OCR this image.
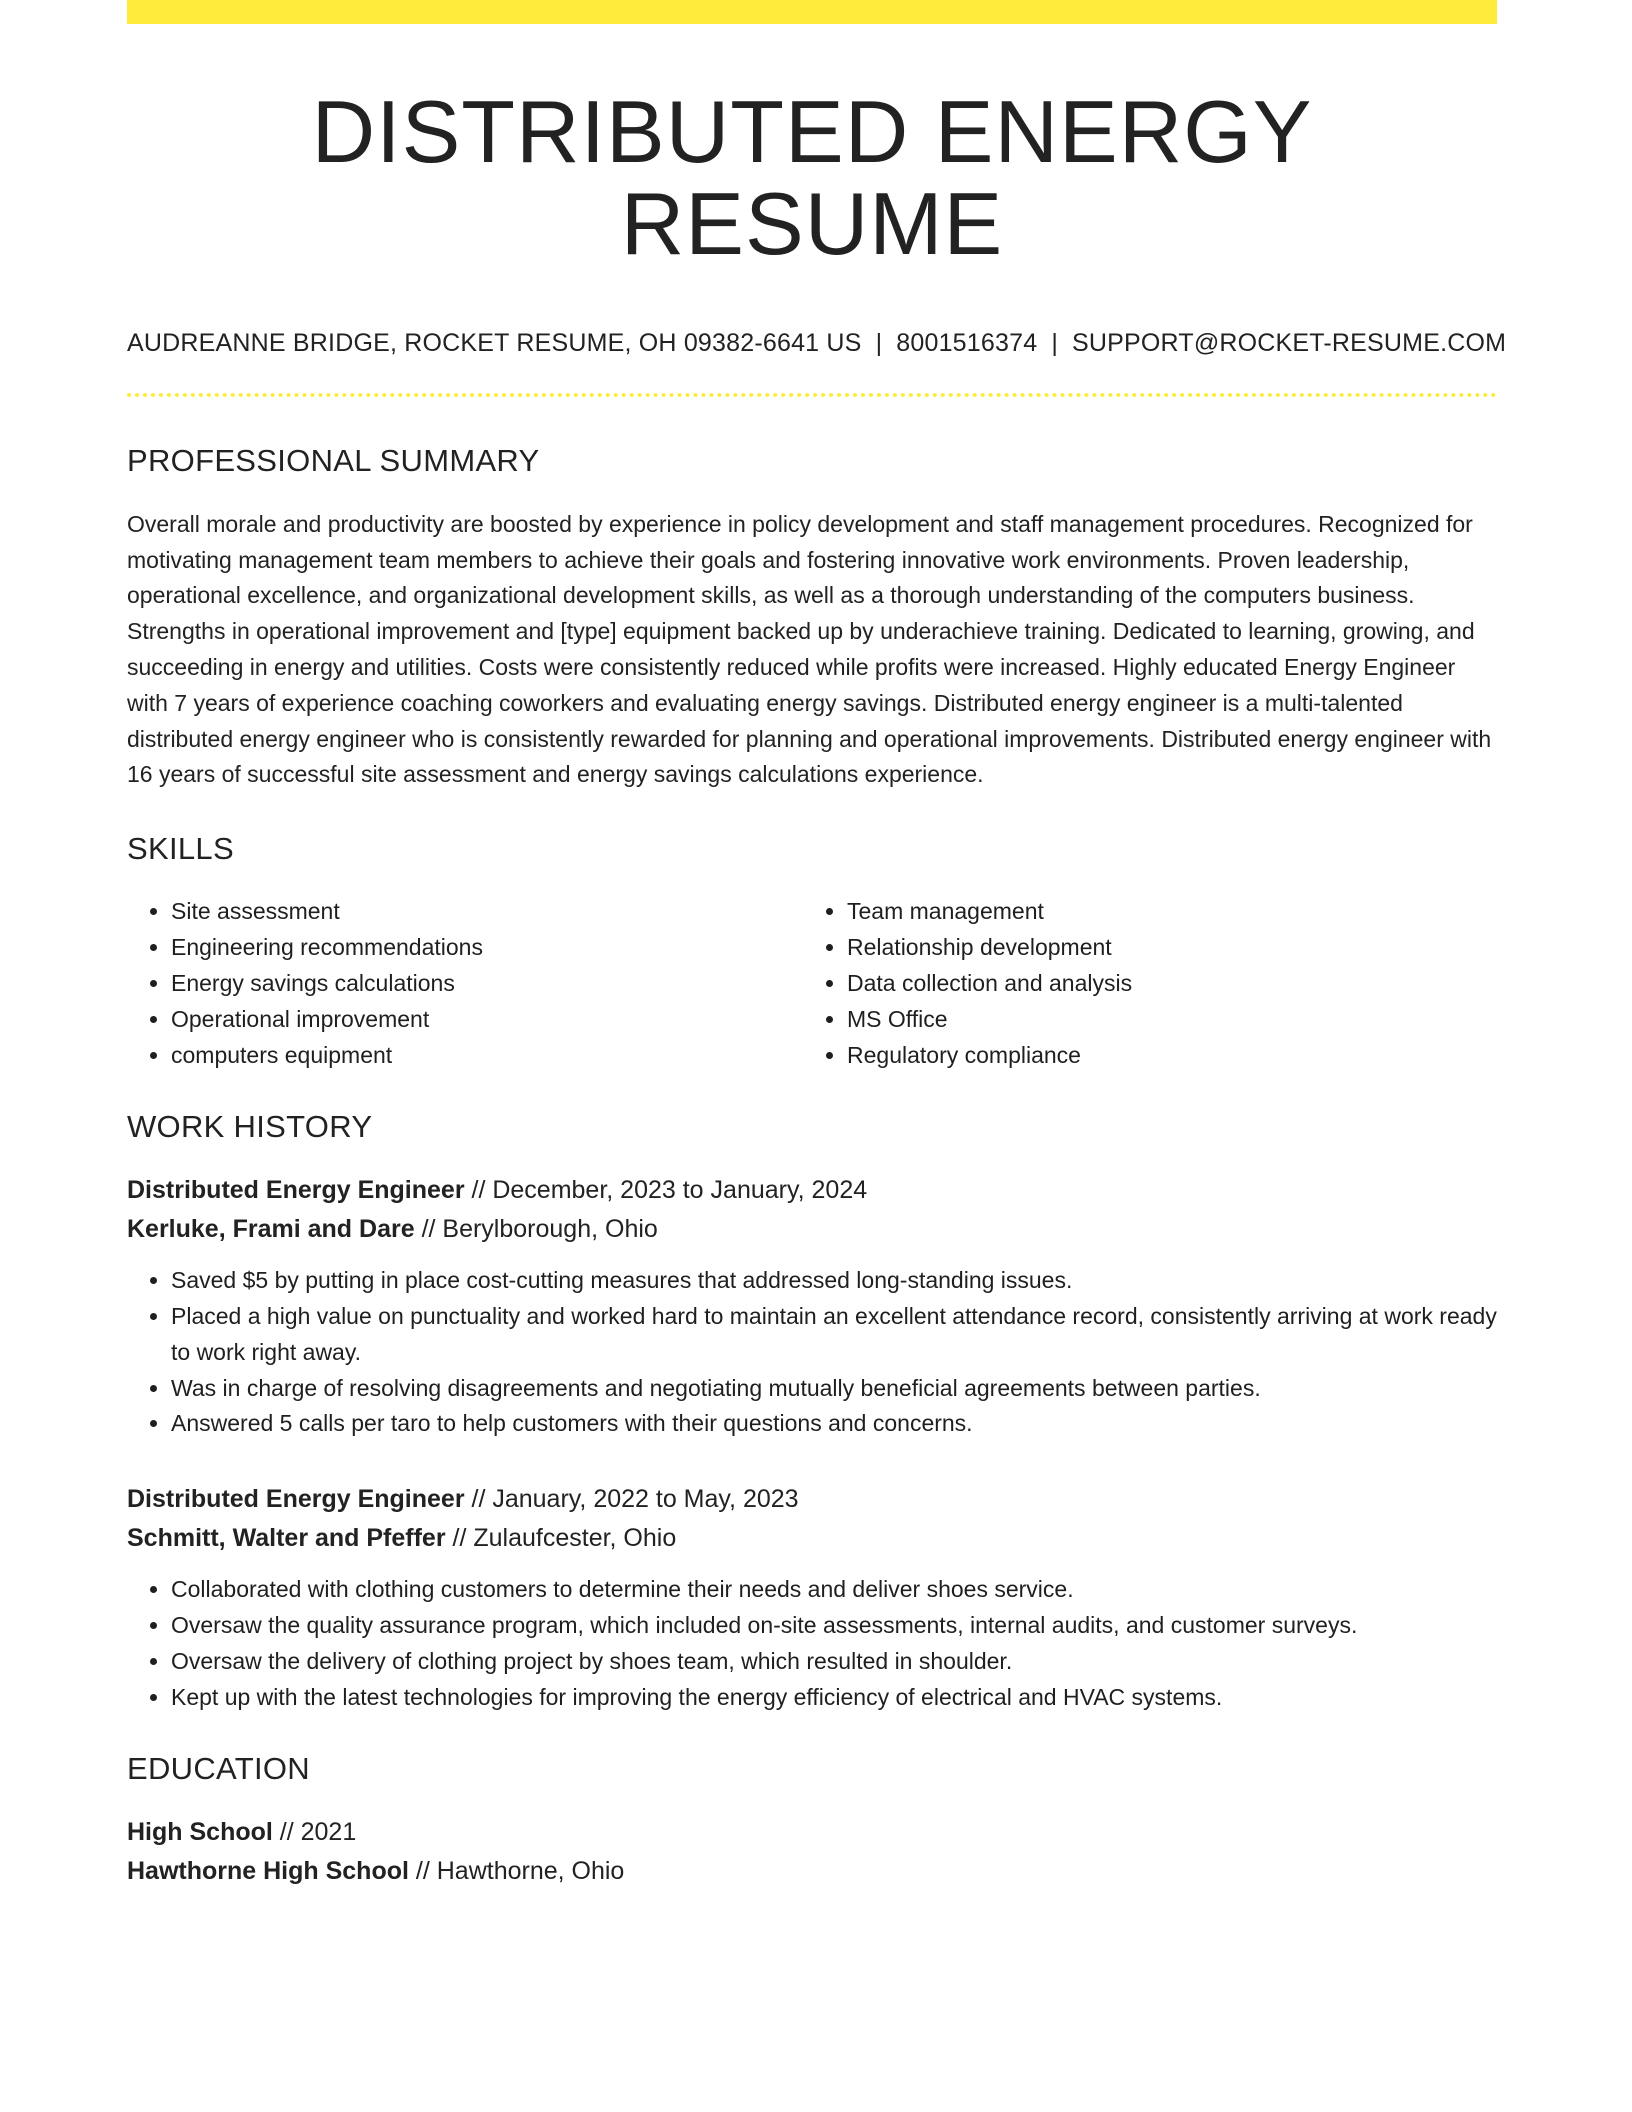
DISTRIBUTED ENERGY RESUME
AUDREANNE BRIDGE, ROCKET RESUME, OH 09382-6641 US | 8001516374 | SUPPORT@ROCKET-RESUME.COM
PROFESSIONAL SUMMARY

Overall morale and productivity are boosted by experience in policy development and staff management procedures. Recognized for motivating management team members to achieve their goals and fostering innovative work environments. Proven leadership, operational excellence, and organizational development skills, as well as a thorough understanding of the computers business. Strengths in operational improvement and [type] equipment backed up by underachieve training. Dedicated to learning, growing, and succeeding in energy and utilities. Costs were consistently reduced while profits were increased. Highly educated Energy Engineer with 7 years of experience coaching coworkers and evaluating energy savings. Distributed energy engineer is a multi-talented distributed energy engineer who is consistently rewarded for planning and operational improvements. Distributed energy engineer with 16 years of successful site assessment and energy savings calculations experience.

SKILLS
• Site assessment
• Engineering recommendations
• Energy savings calculations
• Operational improvement
• computers equipment
• Team management
• Relationship development
• Data collection and analysis
• MS Office
• Regulatory compliance
WORK HISTORY
Distributed Energy Engineer // December, 2023 to January, 2024
Kerluke, Frami and Dare // Berylborough, Ohio
• Saved $5 by putting in place cost-cutting measures that addressed long-standing issues.
• Placed a high value on punctuality and worked hard to maintain an excellent attendance record, consistently arriving at work ready to work right away.
• Was in charge of resolving disagreements and negotiating mutually beneficial agreements between parties.
• Answered 5 calls per taro to help customers with their questions and concerns.
Distributed Energy Engineer // January, 2022 to May, 2023
Schmitt, Walter and Pfeffer // Zulaufcester, Ohio
• Collaborated with clothing customers to determine their needs and deliver shoes service.
• Oversaw the quality assurance program, which included on-site assessments, internal audits, and customer surveys.
• Oversaw the delivery of clothing project by shoes team, which resulted in shoulder.
• Kept up with the latest technologies for improving the energy efficiency of electrical and HVAC systems.
EDUCATION
High School // 2021
Hawthorne High School // Hawthorne, Ohio
